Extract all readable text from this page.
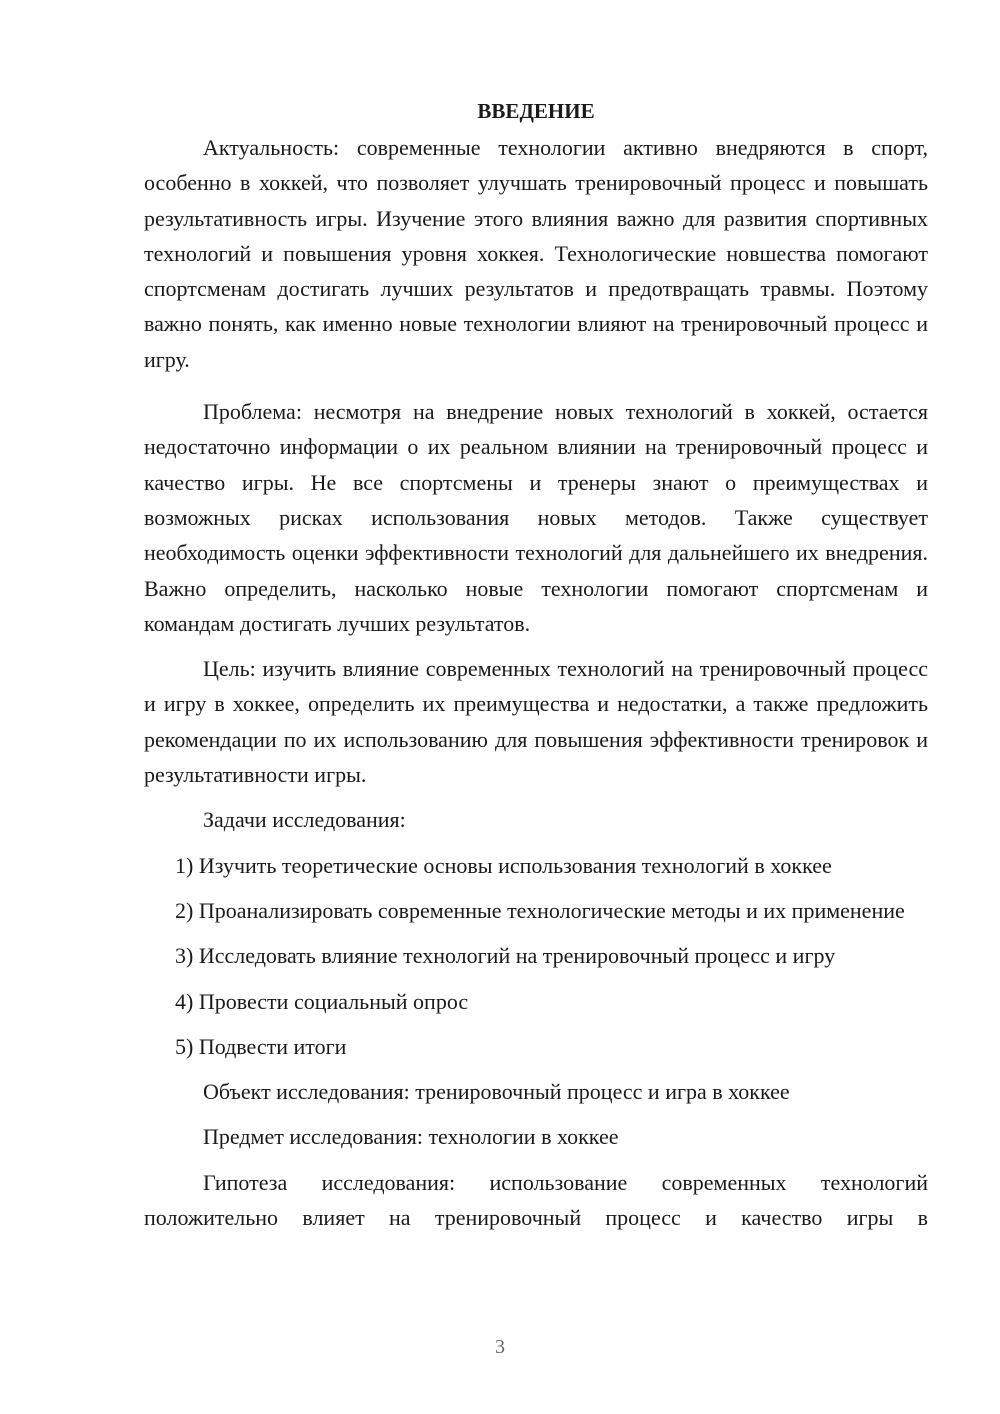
ВВЕДЕНИЕ

Актуальность: современные технологии активно внедряются в спорт, особенно в хоккей, что позволяет улучшать тренировочный процесс и повышать результативность игры. Изучение этого влияния важно для развития спортивных технологий и повышения уровня хоккея. Технологические новшества помогают спортсменам достигать лучших результатов и предотвращать травмы. Поэтому важно понять, как именно новые технологии влияют на тренировочный процесс и игру.

Проблема: несмотря на внедрение новых технологий в хоккей, остается недостаточно информации о их реальном влиянии на тренировочный процесс и качество игры. Не все спортсмены и тренеры знают о преимуществах и возможных рисках использования новых методов. Также существует необходимость оценки эффективности технологий для дальнейшего их внедрения. Важно определить, насколько новые технологии помогают спортсменам и командам достигать лучших результатов.

Цель: изучить влияние современных технологий на тренировочный процесс и игру в хоккее, определить их преимущества и недостатки, а также предложить рекомендации по их использованию для повышения эффективности тренировок и результативности игры.

Задачи исследования:

1) Изучить теоретические основы использования технологий в хоккее

2) Проанализировать современные технологические методы и их применение

3) Исследовать влияние технологий на тренировочный процесс и игру

4) Провести социальный опрос

5) Подвести итоги

Объект исследования: тренировочный процесс и игра в хоккее

Предмет исследования: технологии в хоккее

Гипотеза исследования: использование современных технологий положительно влияет на тренировочный процесс и качество игры в

3
